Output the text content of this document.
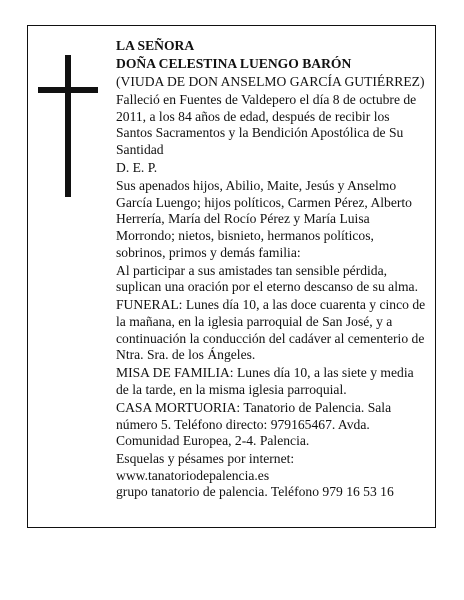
LA SEÑORA

DOÑA CELESTINA LUENGO BARÓN

(VIUDA DE DON ANSELMO GARCÍA GUTIÉRREZ)

Falleció en Fuentes de Valdepero el día 8 de octubre de 2011, a los 84 años de edad, después de recibir los Santos Sacramentos y la Bendición Apostólica de Su Santidad

D. E. P.

Sus apenados hijos, Abilio, Maite, Jesús y Anselmo García Luengo; hijos políticos, Carmen Pérez, Alberto Herrería, María del Rocío Pérez y María Luisa Morrondo; nietos, bisnieto, hermanos políticos, sobrinos, primos y demás familia:

Al participar a sus amistades tan sensible pérdida, suplican una oración por el eterno descanso de su alma.

FUNERAL: Lunes día 10, a las doce cuarenta y cinco de la mañana, en la iglesia parroquial de San José, y a continuación la conducción del cadáver al cementerio de Ntra. Sra. de los Ángeles.

MISA DE FAMILIA: Lunes día 10, a las siete y media de la tarde, en la misma iglesia parroquial.

CASA MORTUORIA: Tanatorio de Palencia. Sala número 5. Teléfono directo: 979165467. Avda. Comunidad Europea, 2-4. Palencia.

Esquelas y pésames por internet:

www.tanatoriodepalencia.es

grupo tanatorio de palencia. Teléfono 979 16 53 16
